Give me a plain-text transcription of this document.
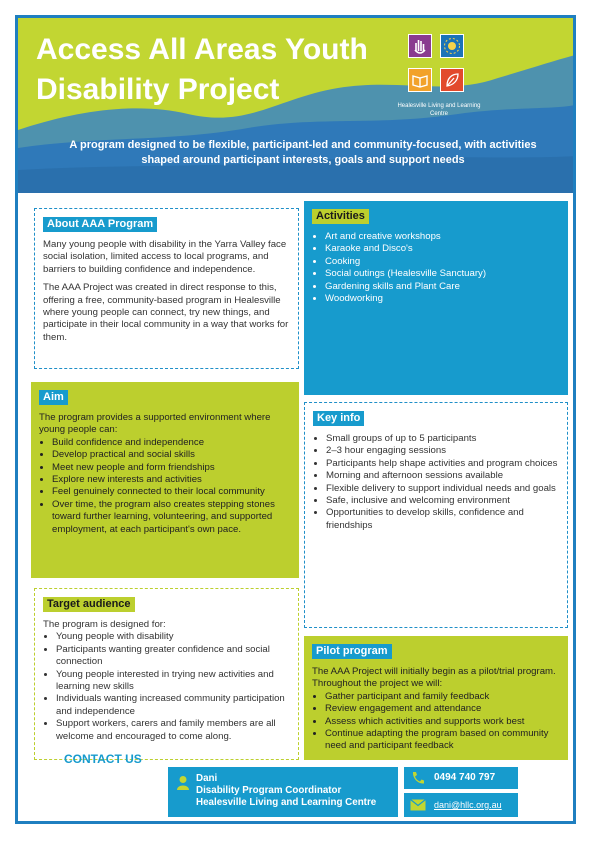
Access All Areas Youth Disability Project	Healesville Living and Learning Centre
A program designed to be flexible, participant-led and community-focused, with activities shaped around participant interests, goals and support needs
About AAA Program

Many young people with disability in the Yarra Valley face social isolation, limited access to local programs, and barriers to building confidence and independence.

The AAA Project was created in direct response to this, offering a free, community-based program in Healesville where young people can connect, try new things, and participate in their local community in a way that works for them.

Activities
• Art and creative workshops
• Karaoke and Disco's
• Cooking
• Social outings (Healesville Sanctuary)
• Gardening skills and Plant Care
• Woodworking
Aim
The program provides a supported environment where young people can:
• Build confidence and independence
• Develop practical and social skills
• Meet new people and form friendships
• Explore new interests and activities
• Feel genuinely connected to their local community
• Over time, the program also creates stepping stones toward further learning, volunteering, and supported employment, at each participant's own pace.
Key info
• Small groups of up to 5 participants
• 2–3 hour engaging sessions
• Participants help shape activities and program choices
• Morning and afternoon sessions available
• Flexible delivery to support individual needs and goals
• Safe, inclusive and welcoming environment
• Opportunities to develop skills, confidence and friendships
Target audience
The program is designed for:
• Young people with disability
• Participants wanting greater confidence and social connection
• Young people interested in trying new activities and learning new skills
• Individuals wanting increased community participation and independence
• Support workers, carers and family members are all welcome and encouraged to come along.
Pilot program
The AAA Project will initially begin as a pilot/trial program. Throughout the project we will:
• Gather participant and family feedback
• Review engagement and attendance
• Assess which activities and supports work best
• Continue adapting the program based on community need and participant feedback
CONTACT US
Dani
Disability Program Coordinator
Healesville Living and Learning Centre
0494 740 797
dani@hllc.org.au
